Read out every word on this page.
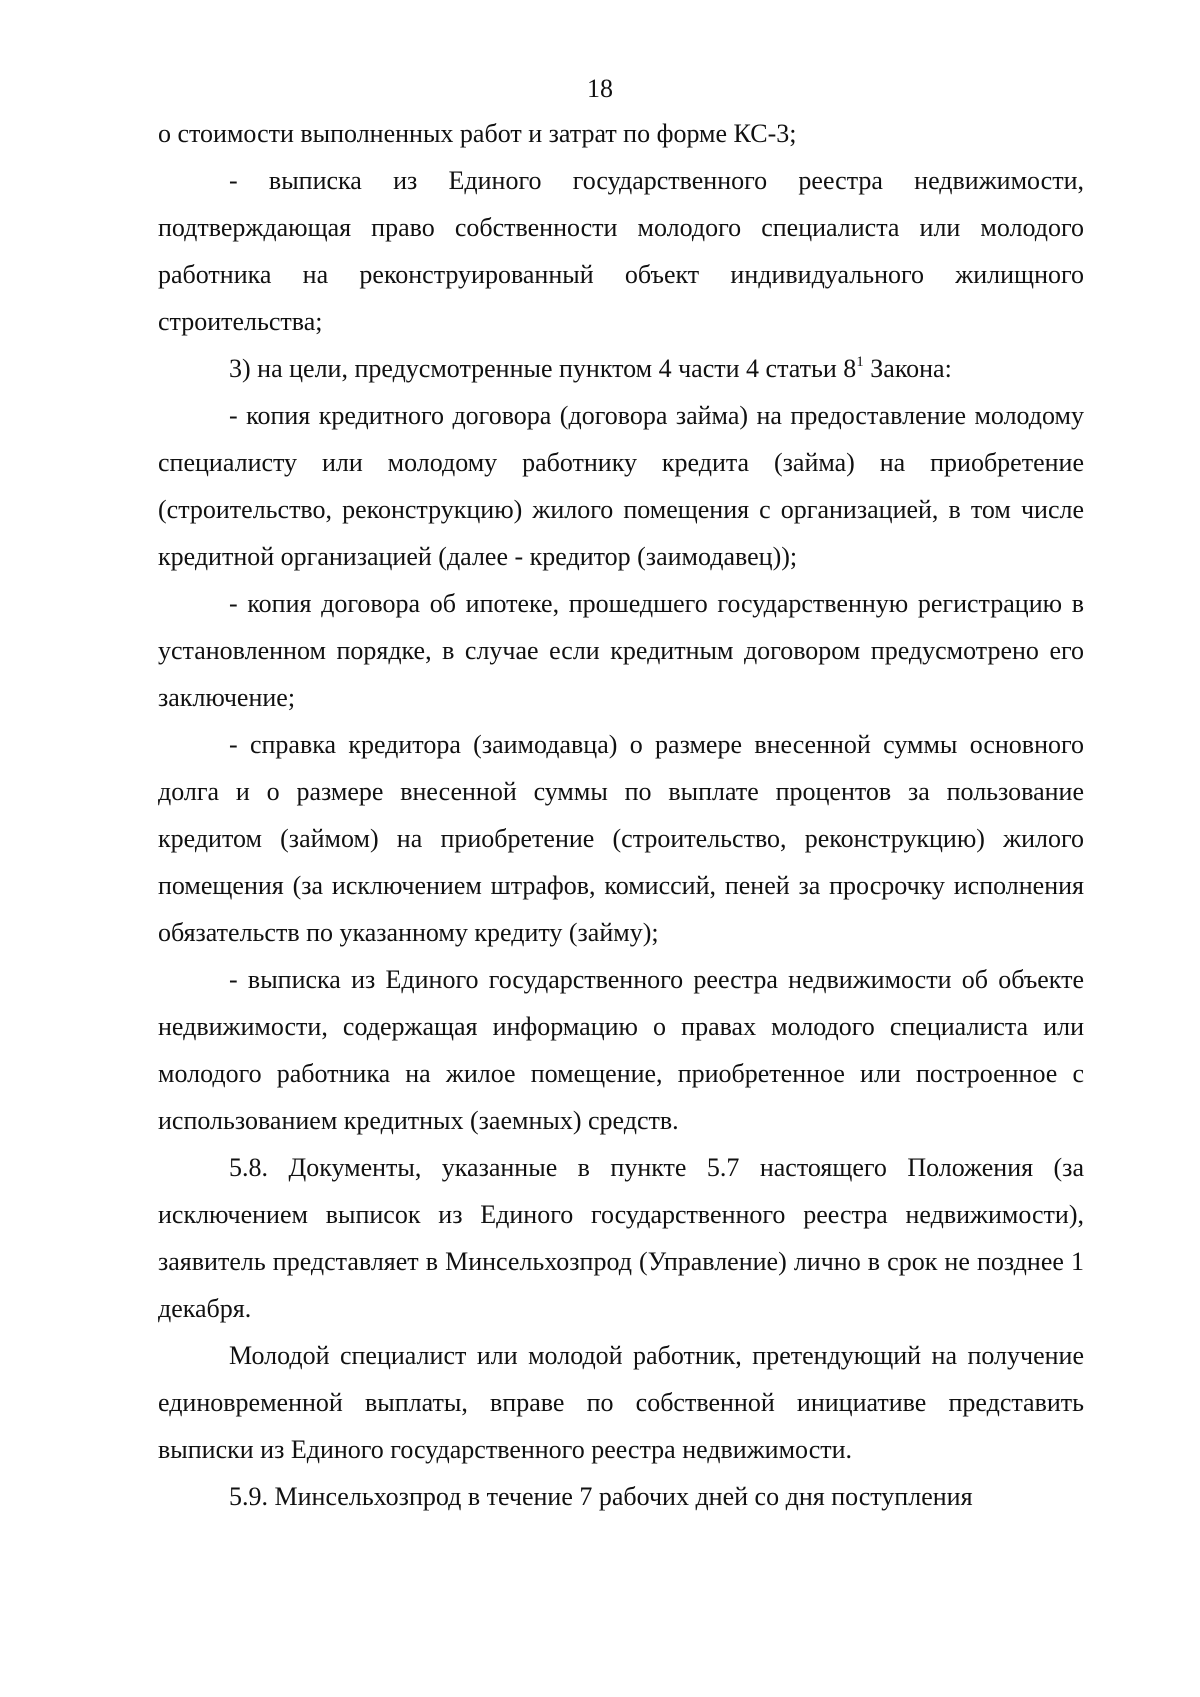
18

о стоимости выполненных работ и затрат по форме КС-3;

- выписка из Единого государственного реестра недвижимости, подтверждающая право собственности молодого специалиста или молодого работника на реконструированный объект индивидуального жилищного строительства;

3) на цели, предусмотренные пунктом 4 части 4 статьи $8^1$ Закона:

- копия кредитного договора (договора займа) на предоставление молодому специалисту или молодому работнику кредита (займа) на приобретение (строительство, реконструкцию) жилого помещения с организацией, в том числе кредитной организацией (далее - кредитор (заимодавец));

- копия договора об ипотеке, прошедшего государственную регистрацию в установленном порядке, в случае если кредитным договором предусмотрено его заключение;

- справка кредитора (заимодавца) о размере внесенной суммы основного долга и о размере внесенной суммы по выплате процентов за пользование кредитом (займом) на приобретение (строительство, реконструкцию) жилого помещения (за исключением штрафов, комиссий, пеней за просрочку исполнения обязательств по указанному кредиту (займу);

- выписка из Единого государственного реестра недвижимости об объекте недвижимости, содержащая информацию о правах молодого специалиста или молодого работника на жилое помещение, приобретенное или построенное с использованием кредитных (заемных) средств.

5.8. Документы, указанные в пункте 5.7 настоящего Положения (за исключением выписок из Единого государственного реестра недвижимости), заявитель представляет в Минсельхозпрод (Управление) лично в срок не позднее 1 декабря.

Молодой специалист или молодой работник, претендующий на получение единовременной выплаты, вправе по собственной инициативе представить выписки из Единого государственного реестра недвижимости.

5.9. Минсельхозпрод в течение 7 рабочих дней со дня поступления
